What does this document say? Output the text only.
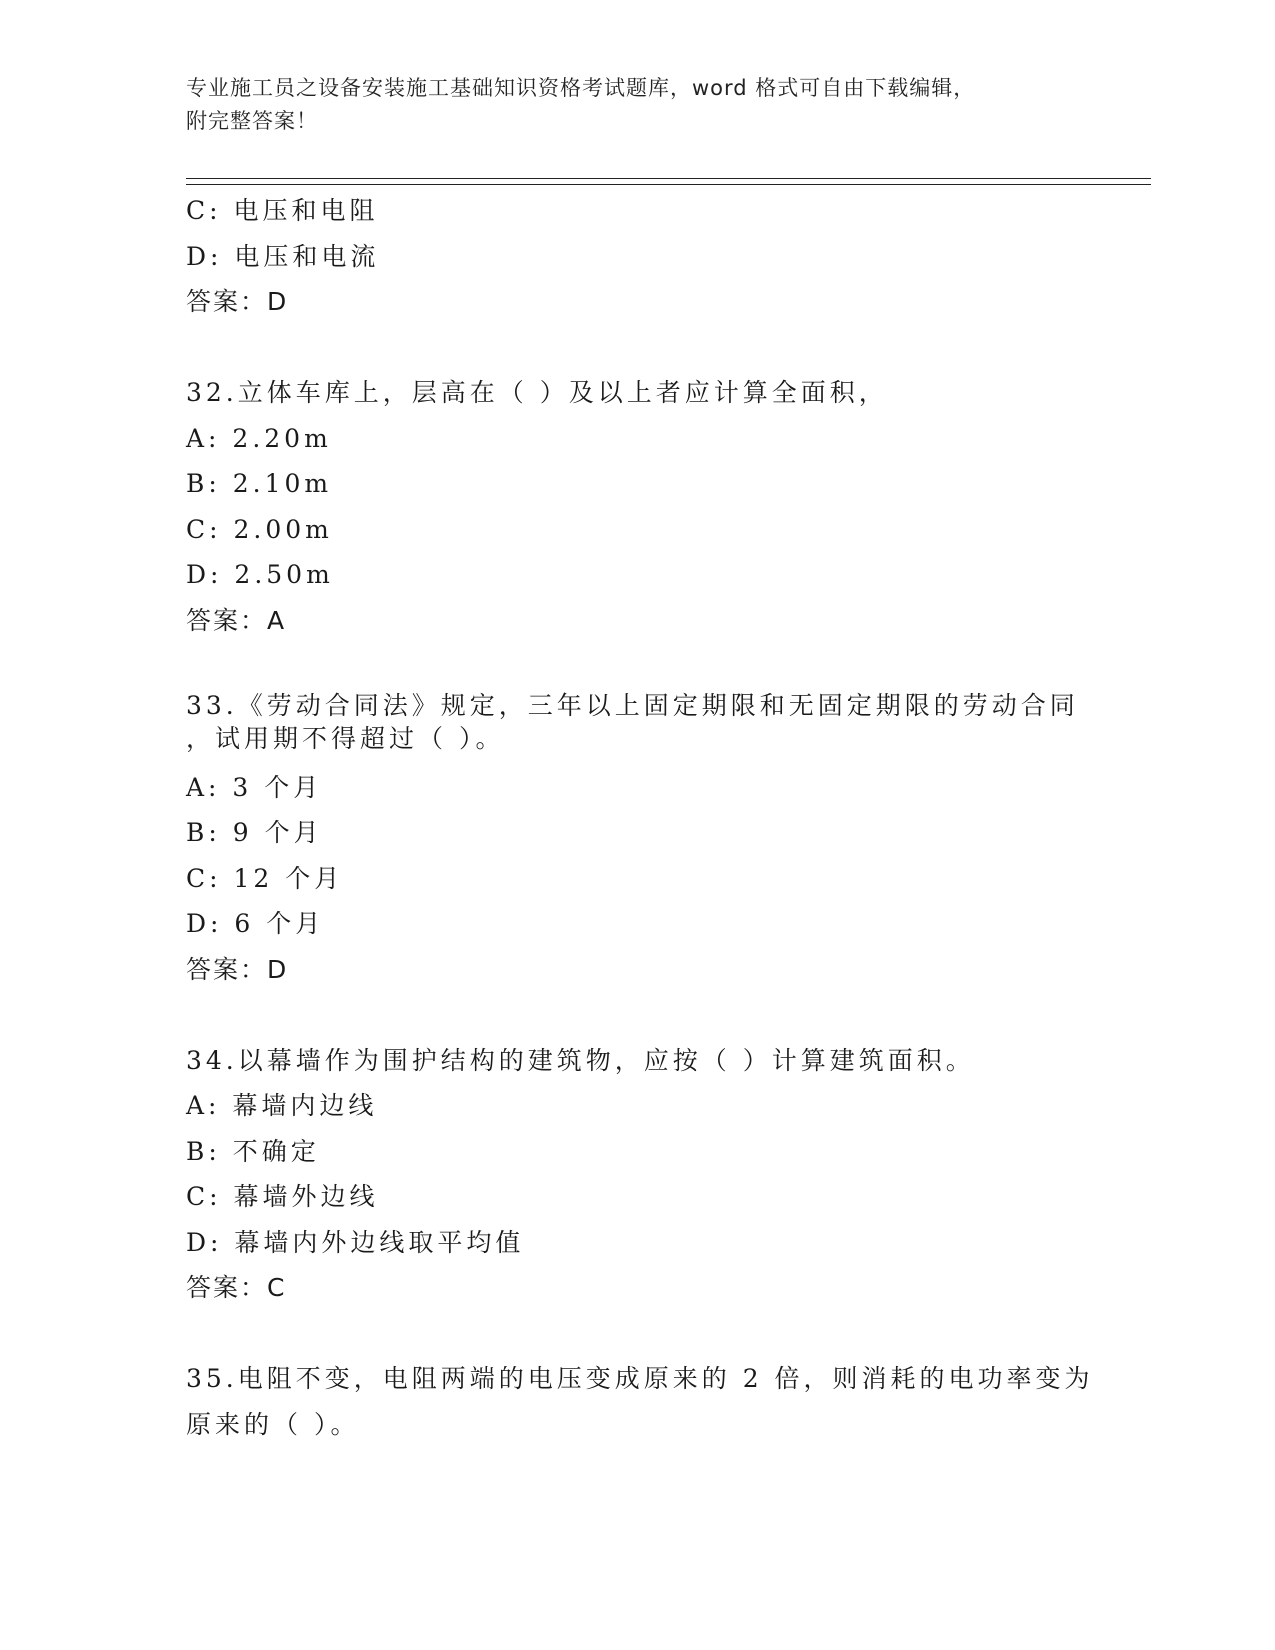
专业施工员之设备安装施工基础知识资格考试题库，word 格式可自由下载编辑，
附完整答案！
C: 电压和电阻
D: 电压和电流
答案：D
32.立体车库上，层高在（ ）及以上者应计算全面积，
A: 2.20m
B: 2.10m
C: 2.00m
D: 2.50m
答案：A
33.《劳动合同法》规定，三年以上固定期限和无固定期限的劳动合同
，试用期不得超过（ ）。
A: 3 个月
B: 9 个月
C: 12 个月
D: 6 个月
答案：D
34.以幕墙作为围护结构的建筑物，应按（ ）计算建筑面积。
A: 幕墙内边线
B: 不确定
C: 幕墙外边线
D: 幕墙内外边线取平均值
答案：C
35.电阻不变，电阻两端的电压变成原来的 2 倍，则消耗的电功率变为
原来的（ ）。
